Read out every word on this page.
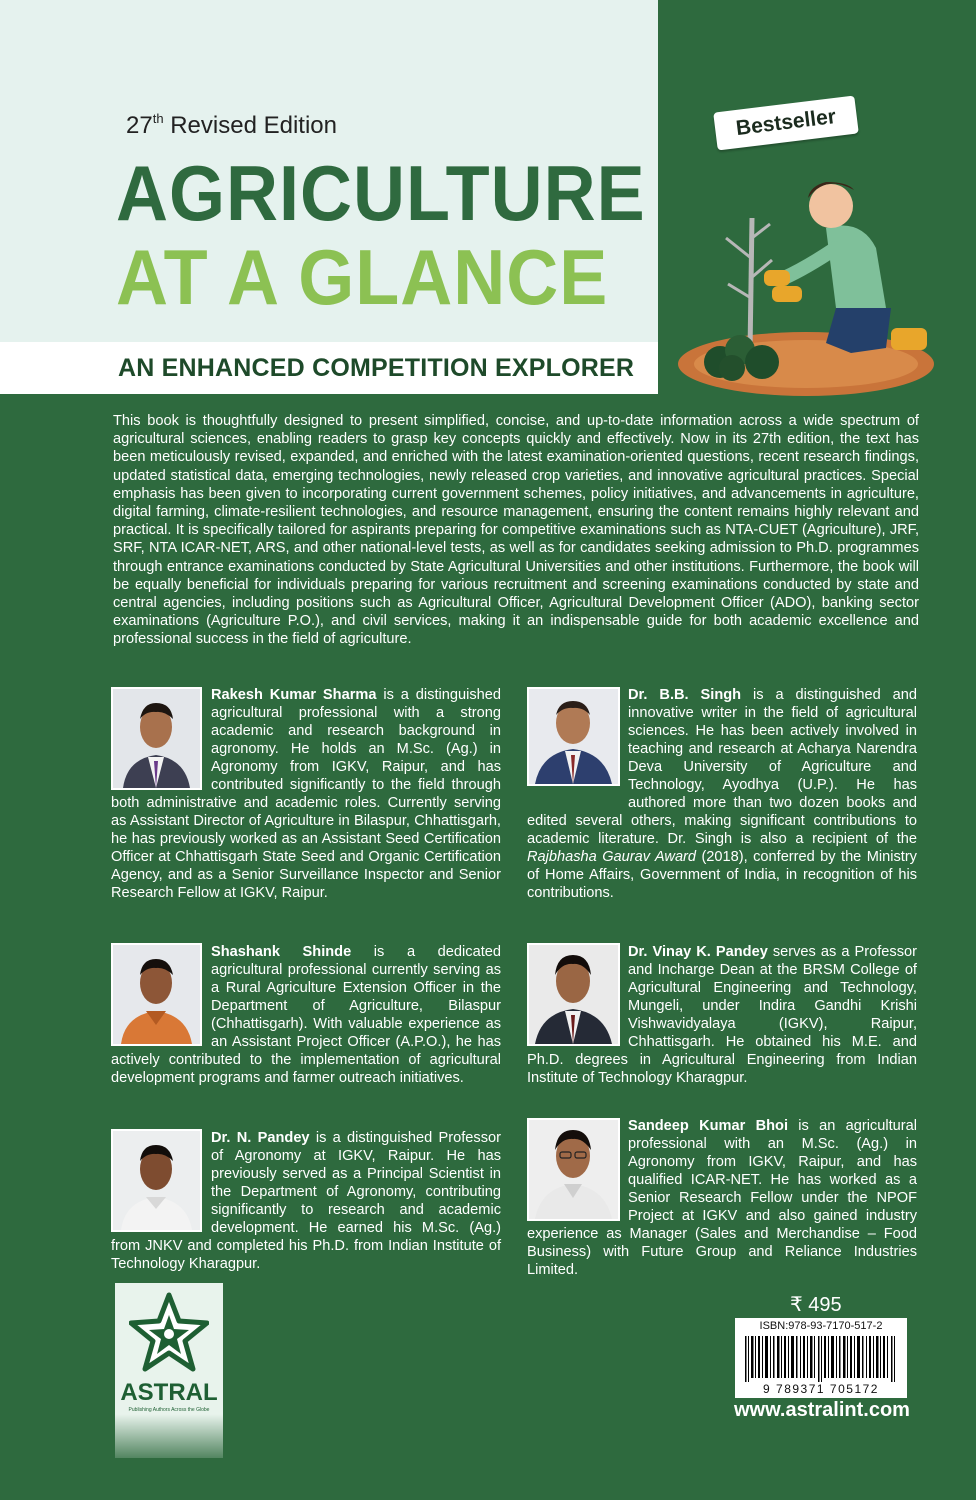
27th Revised Edition
AGRICULTURE
AT A GLANCE
AN ENHANCED COMPETITION EXPLORER
Bestseller
This book is thoughtfully designed to present simplified, concise, and up-to-date information across a wide spectrum of agricultural sciences, enabling readers to grasp key concepts quickly and effectively. Now in its 27th edition, the text has been meticulously revised, expanded, and enriched with the latest examination-oriented questions, recent research findings, updated statistical data, emerging technologies, newly released crop varieties, and innovative agricultural practices. Special emphasis has been given to incorporating current government schemes, policy initiatives, and advancements in agriculture, digital farming, climate-resilient technologies, and resource management, ensuring the content remains highly relevant and practical. It is specifically tailored for aspirants preparing for competitive examinations such as NTA-CUET (Agriculture), JRF, SRF, NTA ICAR-NET, ARS, and other national-level tests, as well as for candidates seeking admission to Ph.D. programmes through entrance examinations conducted by State Agricultural Universities and other institutions. Furthermore, the book will be equally beneficial for individuals preparing for various recruitment and screening examinations conducted by state and central agencies, including positions such as Agricultural Officer, Agricultural Development Officer (ADO), banking sector examinations (Agriculture P.O.), and civil services, making it an indispensable guide for both academic excellence and professional success in the field of agriculture.
Rakesh Kumar Sharma is a distinguished agricultural professional with a strong academic and research background in agronomy. He holds an M.Sc. (Ag.) in Agronomy from IGKV, Raipur, and has contributed significantly to the field through both administrative and academic roles. Currently serving as Assistant Director of Agriculture in Bilaspur, Chhattisgarh, he has previously worked as an Assistant Seed Certification Officer at Chhattisgarh State Seed and Organic Certification Agency, and as a Senior Surveillance Inspector and Senior Research Fellow at IGKV, Raipur.
Dr. B.B. Singh is a distinguished and innovative writer in the field of agricultural sciences. He has been actively involved in teaching and research at Acharya Narendra Deva University of Agriculture and Technology, Ayodhya (U.P.). He has authored more than two dozen books and edited several others, making significant contributions to academic literature. Dr. Singh is also a recipient of the Rajbhasha Gaurav Award (2018), conferred by the Ministry of Home Affairs, Government of India, in recognition of his contributions.
Shashank Shinde is a dedicated agricultural professional currently serving as a Rural Agriculture Extension Officer in the Department of Agriculture, Bilaspur (Chhattisgarh). With valuable experience as an Assistant Project Officer (A.P.O.), he has actively contributed to the implementation of agricultural development programs and farmer outreach initiatives.
Dr. Vinay K. Pandey serves as a Professor and Incharge Dean at the BRSM College of Agricultural Engineering and Technology, Mungeli, under Indira Gandhi Krishi Vishwavidyalaya (IGKV), Raipur, Chhattisgarh. He obtained his M.E. and Ph.D. degrees in Agricultural Engineering from Indian Institute of Technology Kharagpur.
Dr. N. Pandey is a distinguished Professor of Agronomy at IGKV, Raipur. He has previously served as a Principal Scientist in the Department of Agronomy, contributing significantly to research and academic development. He earned his M.Sc. (Ag.) from JNKV and completed his Ph.D. from Indian Institute of Technology Kharagpur.
Sandeep Kumar Bhoi is an agricultural professional with an M.Sc. (Ag.) in Agronomy from IGKV, Raipur, and has qualified ICAR-NET. He has worked as a Senior Research Fellow under the NPOF Project at IGKV and also gained industry experience as Manager (Sales and Merchandise – Food Business) with Future Group and Reliance Industries Limited.
ASTRAL
Publishing Authors Across the Globe
₹ 495
ISBN:978-93-7170-517-2
9 789371 705172
www.astralint.com
